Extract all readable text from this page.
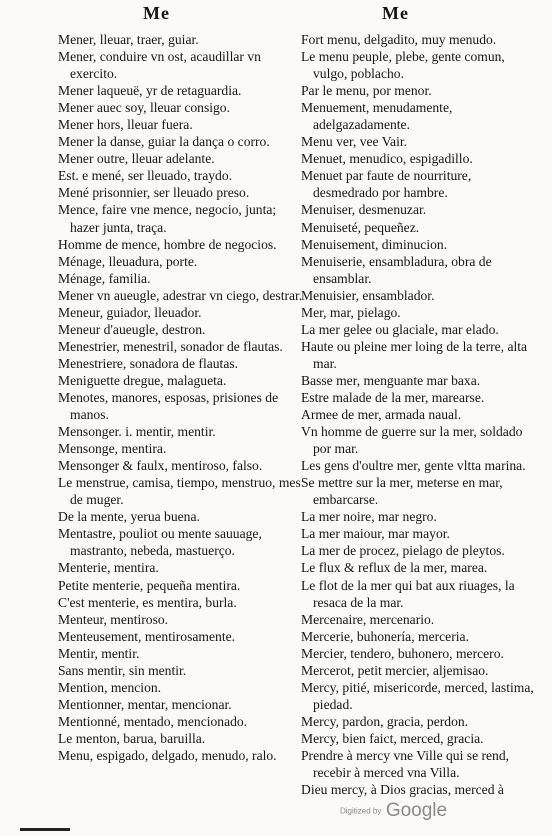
Me	Me

Mener, lleuar, traer, guiar.

Mener, conduire vn ost, acaudillar vn exercito.

Mener laqueuë, yr de retaguardia.

Mener auec soy, lleuar consigo.

Mener hors, lleuar fuera.

Mener la danse, guiar la dança o corro.

Mener outre, lleuar adelante.

Est. e mené, ser lleuado, traydo.

Mené prisonnier, ser lleuado preso.

Mence, faire vne mence, negocio, junta; hazer junta, traça.

Homme de mence, hombre de negocios.

Ménage, lleuadura, porte.

Ménage, familia.

Mener vn aueugle, adestrar vn ciego, destrar.

Meneur, guiador, lleuador.

Meneur d'aueugle, destron.

Menestrier, menestril, sonador de flautas.

Menestriere, sonadora de flautas.

Meniguette dregue, malagueta.

Menotes, manores, esposas, prisiones de manos.

Mensonger. i. mentir, mentir.

Mensonge, mentira.

Mensonger & faulx, mentiroso, falso.

Le menstrue, camisa, tiempo, menstruo, mes de muger.

De la mente, yerua buena.

Mentastre, pouliot ou mente sauuage, mastranto, nebeda, mastuerço.

Menterie, mentira.

Petite menterie, pequeña mentira.

C'est menterie, es mentira, burla.

Menteur, mentiroso.

Menteusement, mentirosamente.

Mentir, mentir.

Sans mentir, sin mentir.

Mention, mencion.

Mentionner, mentar, mencionar.

Mentionné, mentado, mencionado.

Le menton, barua, baruilla.

Menu, espigado, delgado, menudo, ralo.

Fort menu, delgadito, muy menudo.

Le menu peuple, plebe, gente comun, vulgo, poblacho.

Par le menu, por menor.

Menuement, menudamente, adelgazadamente.

Menu ver, vee Vair.

Menuet, menudico, espigadillo.

Menuet par faute de nourriture, desmedrado por hambre.

Menuiser, desmenuzar.

Menuiseté, pequeñez.

Menuisement, diminucion.

Menuiserie, ensambladura, obra de ensamblar.

Menuisier, ensamblador.

Mer, mar, pielago.

La mer gelee ou glaciale, mar elado.

Haute ou pleine mer loing de la terre, alta mar.

Basse mer, menguante mar baxa.

Estre malade de la mer, marearse.

Armee de mer, armada naual.

Vn homme de guerre sur la mer, soldado por mar.

Les gens d'oultre mer, gente vltta marina.

Se mettre sur la mer, meterse en mar, embarcarse.

La mer noire, mar negro.

La mer maiour, mar mayor.

La mer de procez, pielago de pleytos.

Le flux & reflux de la mer, marea.

Le flot de la mer qui bat aux riuages, la resaca de la mar.

Mercenaire, mercenario.

Mercerie, buhonería, merceria.

Mercier, tendero, buhonero, mercero.

Mercerot, petit mercier, aljemisao.

Mercy, pitié, misericorde, merced, lastima, piedad.

Mercy, pardon, gracia, perdon.

Mercy, bien faict, merced, gracia.

Prendre à mercy vne Ville qui se rend, recebir à merced vna Villa.

Dieu mercy, à Dios gracias, merced à

Digitized by Google
